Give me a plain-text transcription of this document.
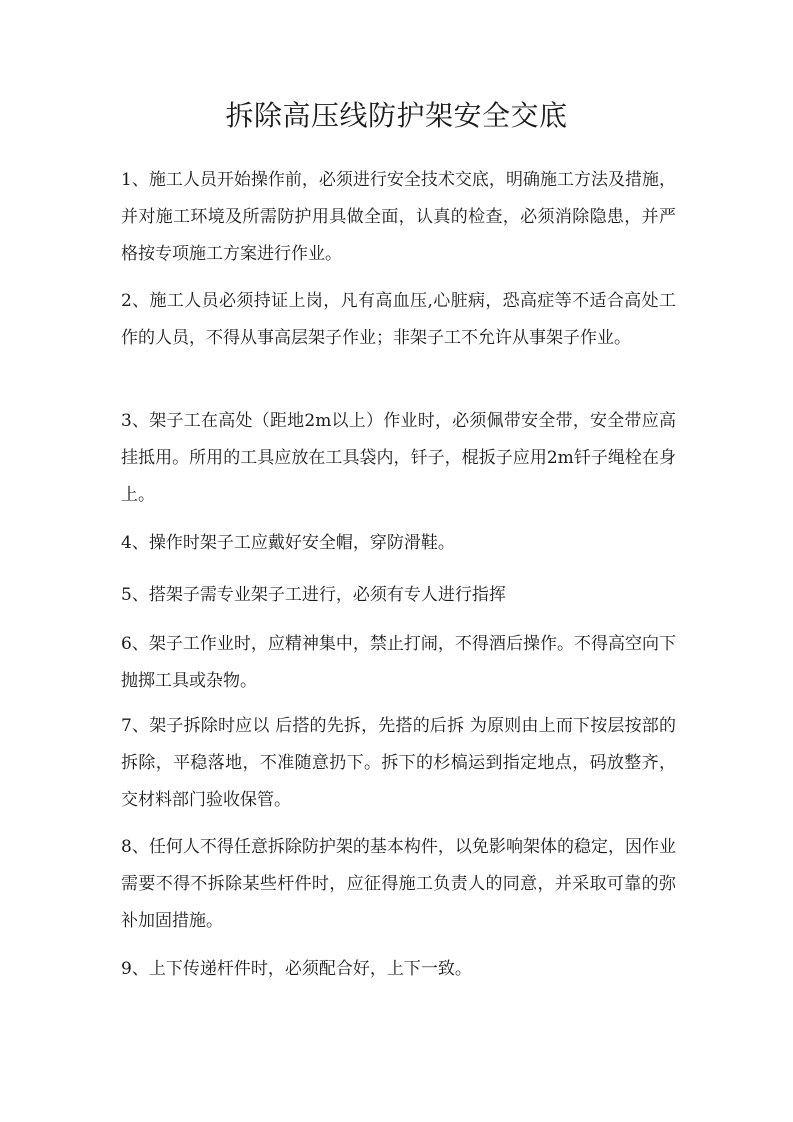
拆除高压线防护架安全交底

1、施工人员开始操作前，必须进行安全技术交底，明确施工方法及措施，并对施工环境及所需防护用具做全面，认真的检查，必须消除隐患，并严格按专项施工方案进行作业。

2、施工人员必须持证上岗，凡有高血压,心脏病，恐高症等不适合高处工作的人员，不得从事高层架子作业；非架子工不允许从事架子作业。

3、架子工在高处（距地2m以上）作业时，必须佩带安全带，安全带应高挂抵用。所用的工具应放在工具袋内，钎子，棍扳子应用2m钎子绳栓在身上。

4、操作时架子工应戴好安全帽，穿防滑鞋。

5、搭架子需专业架子工进行，必须有专人进行指挥

6、架子工作业时，应精神集中，禁止打闹，不得酒后操作。不得高空向下抛掷工具或杂物。

7、架子拆除时应以 后搭的先拆，先搭的后拆 为原则由上而下按层按部的拆除，平稳落地，不准随意扔下。拆下的杉槁运到指定地点，码放整齐，交材料部门验收保管。

8、任何人不得任意拆除防护架的基本构件，以免影响架体的稳定，因作业需要不得不拆除某些杆件时，应征得施工负责人的同意，并采取可靠的弥补加固措施。

9、上下传递杆件时，必须配合好，上下一致。
